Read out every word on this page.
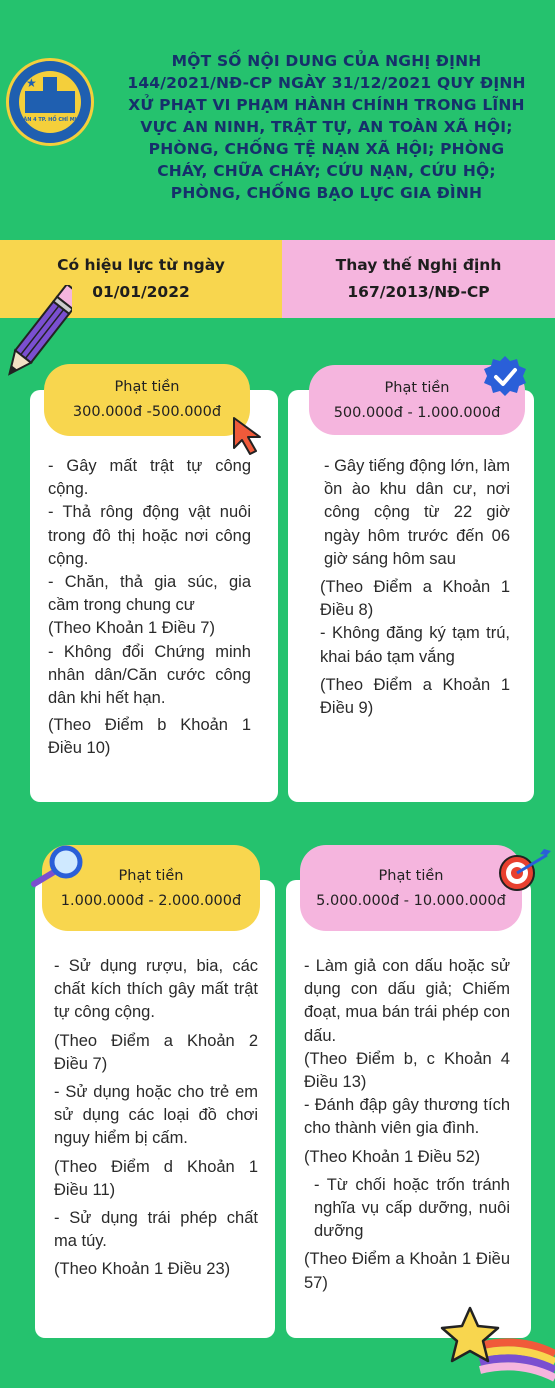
★
QUẬN 4 TP. HỒ CHÍ MINH
MỘT SỐ NỘI DUNG CỦA NGHỊ ĐỊNH
144/2021/NĐ-CP NGÀY 31/12/2021 QUY ĐỊNH
XỬ PHẠT VI PHẠM HÀNH CHÍNH TRONG LĨNH
VỰC AN NINH, TRẬT TỰ, AN TOÀN XÃ HỘI;
PHÒNG, CHỐNG TỆ NẠN XÃ HỘI; PHÒNG
CHÁY, CHỮA CHÁY; CỨU NẠN, CỨU HỘ;
PHÒNG, CHỐNG BẠO LỰC GIA ĐÌNH
Có hiệu lực từ ngày
01/01/2022
Thay thế Nghị định
167/2013/NĐ-CP
Phạt tiền
300.000đ -500.000đ

- Gây mất trật tự công cộng.

- Thả rông động vật nuôi trong đô thị hoặc nơi công cộng.

- Chăn, thả gia súc, gia cầm trong chung cư

(Theo Khoản 1 Điều 7)

- Không đổi Chứng minh nhân dân/Căn cước công dân khi hết hạn.

(Theo Điểm b Khoản 1 Điều 10)

Phạt tiền
500.000đ - 1.000.000đ

- Gây tiếng động lớn, làm ồn ào khu dân cư, nơi công cộng từ 22 giờ ngày hôm trước đến 06 giờ sáng hôm sau

(Theo Điểm a Khoản 1 Điều 8)

- Không đăng ký tạm trú, khai báo tạm vắng

(Theo Điểm a Khoản 1 Điều 9)

Phạt tiền
1.000.000đ - 2.000.000đ

- Sử dụng rượu, bia, các chất kích thích gây mất trật tự công cộng.

(Theo Điểm a Khoản 2 Điều 7)

- Sử dụng hoặc cho trẻ em sử dụng các loại đồ chơi nguy hiểm bị cấm.

(Theo Điểm d Khoản 1 Điều 11)

- Sử dụng trái phép chất ma túy.

(Theo Khoản 1 Điều 23)

Phạt tiền
5.000.000đ - 10.000.000đ

- Làm giả con dấu hoặc sử dụng con dấu giả; Chiếm đoạt, mua bán trái phép con dấu.

(Theo Điểm b, c Khoản 4 Điều 13)

- Đánh đập gây thương tích cho thành viên gia đình.

(Theo Khoản 1 Điều 52)

- Từ chối hoặc trốn tránh nghĩa vụ cấp dưỡng, nuôi dưỡng

(Theo Điểm a Khoản 1 Điều 57)
